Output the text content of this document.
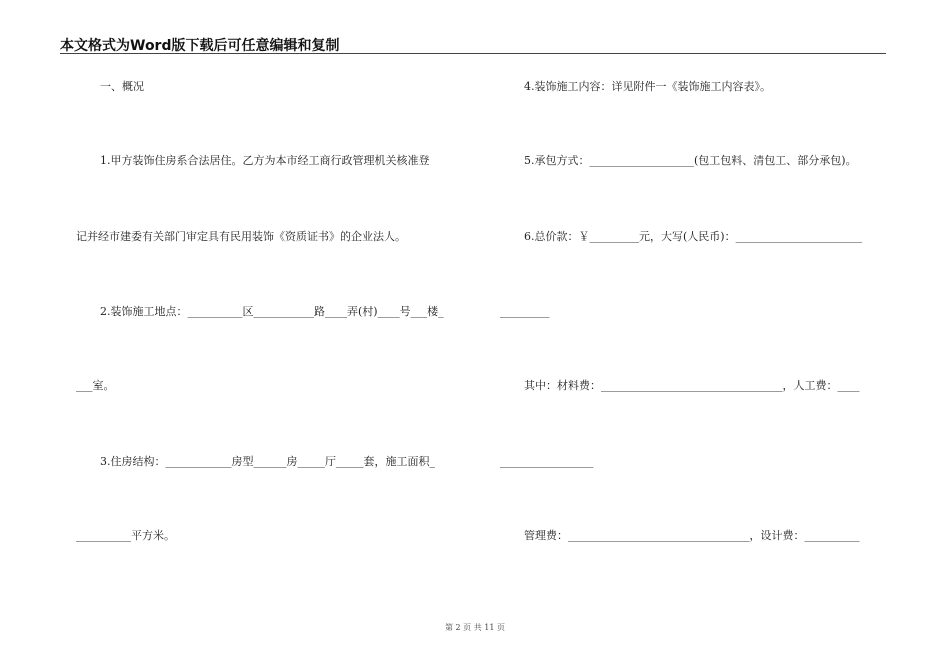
本文格式为Word版下载后可任意编辑和复制
一、概况
1.甲方装饰住房系合法居住。乙方为本市经工商行政管理机关核准登
记并经市建委有关部门审定具有民用装饰《资质证书》的企业法人。
2.装饰施工地点：__________区___________路____弄(村)____号___楼_	_________
___室。
3.住房结构：____________房型______房_____厅_____套，施工面积_	_________________
__________平方米。
4.装饰施工内容：详见附件一《装饰施工内容表》。
5.承包方式：___________________(包工包料、清包工、部分承包)。
6.总价款：￥_________元，大写(人民币)：_______________________
其中：材料费：_________________________________，人工费：____
管理费：_________________________________，设计费：__________
第 2 页 共 11 页
